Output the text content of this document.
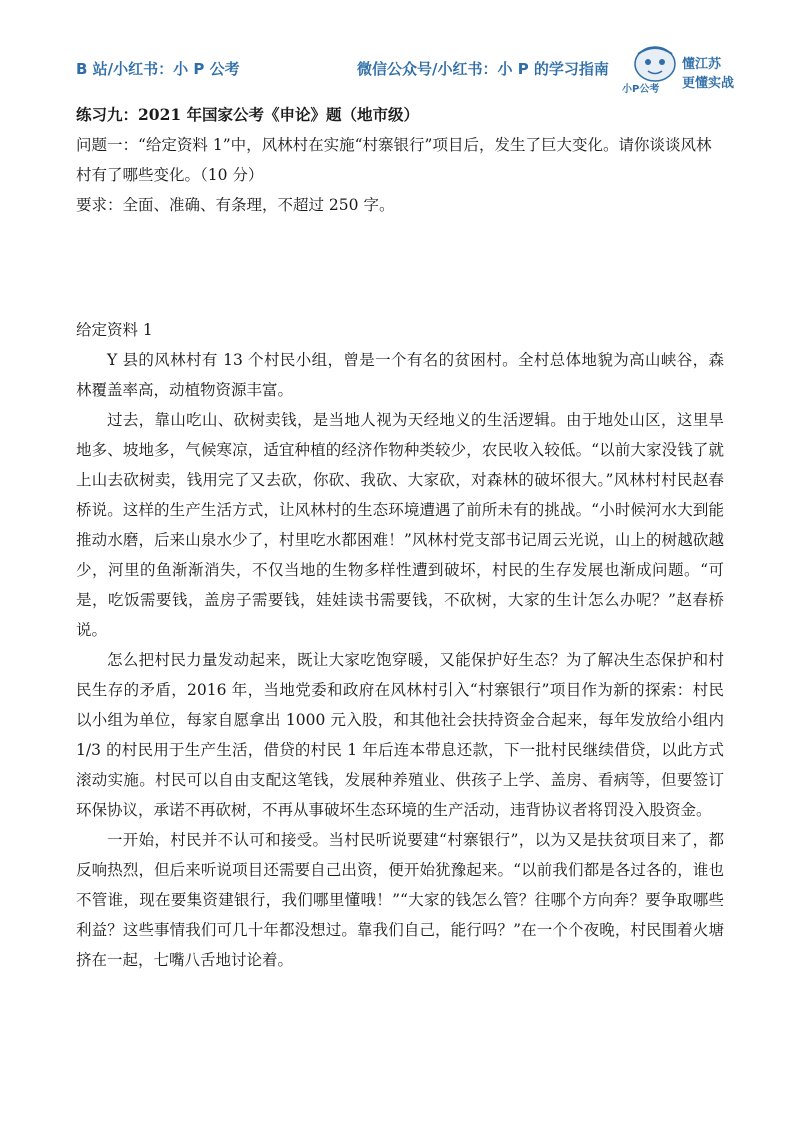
B 站/小红书：小 P 公考	微信公众号/小红书：小 P 的学习指南
小P公考
懂江苏
更懂实战

练习九：2021 年国家公考《申论》题（地市级）

问题一：“给定资料 1”中，风林村在实施“村寨银行”项目后，发生了巨大变化。请你谈谈风林村有了哪些变化。（10 分）

要求：全面、准确、有条理，不超过 250 字。

给定资料 1

Y 县的风林村有 13 个村民小组，曾是一个有名的贫困村。全村总体地貌为高山峡谷，森林覆盖率高，动植物资源丰富。

过去，靠山吃山、砍树卖钱，是当地人视为天经地义的生活逻辑。由于地处山区，这里旱地多、坡地多，气候寒凉，适宜种植的经济作物种类较少，农民收入较低。“以前大家没钱了就上山去砍树卖，钱用完了又去砍，你砍、我砍、大家砍，对森林的破坏很大。”风林村村民赵春桥说。这样的生产生活方式，让风林村的生态环境遭遇了前所未有的挑战。“小时候河水大到能推动水磨，后来山泉水少了，村里吃水都困难！”风林村党支部书记周云光说，山上的树越砍越少，河里的鱼渐渐消失，不仅当地的生物多样性遭到破坏，村民的生存发展也渐成问题。“可是，吃饭需要钱，盖房子需要钱，娃娃读书需要钱，不砍树，大家的生计怎么办呢？”赵春桥说。

怎么把村民力量发动起来，既让大家吃饱穿暖，又能保护好生态？为了解决生态保护和村民生存的矛盾，2016 年，当地党委和政府在风林村引入“村寨银行”项目作为新的探索：村民以小组为单位，每家自愿拿出 1000 元入股，和其他社会扶持资金合起来，每年发放给小组内 1/3 的村民用于生产生活，借贷的村民 1 年后连本带息还款，下一批村民继续借贷，以此方式滚动实施。村民可以自由支配这笔钱，发展种养殖业、供孩子上学、盖房、看病等，但要签订环保协议，承诺不再砍树，不再从事破坏生态环境的生产活动，违背协议者将罚没入股资金。

一开始，村民并不认可和接受。当村民听说要建“村寨银行”，以为又是扶贫项目来了，都反响热烈，但后来听说项目还需要自己出资，便开始犹豫起来。“以前我们都是各过各的，谁也不管谁，现在要集资建银行，我们哪里懂哦！”“大家的钱怎么管？往哪个方向奔？要争取哪些利益？这些事情我们可几十年都没想过。靠我们自己，能行吗？”在一个个夜晚，村民围着火塘挤在一起，七嘴八舌地讨论着。
